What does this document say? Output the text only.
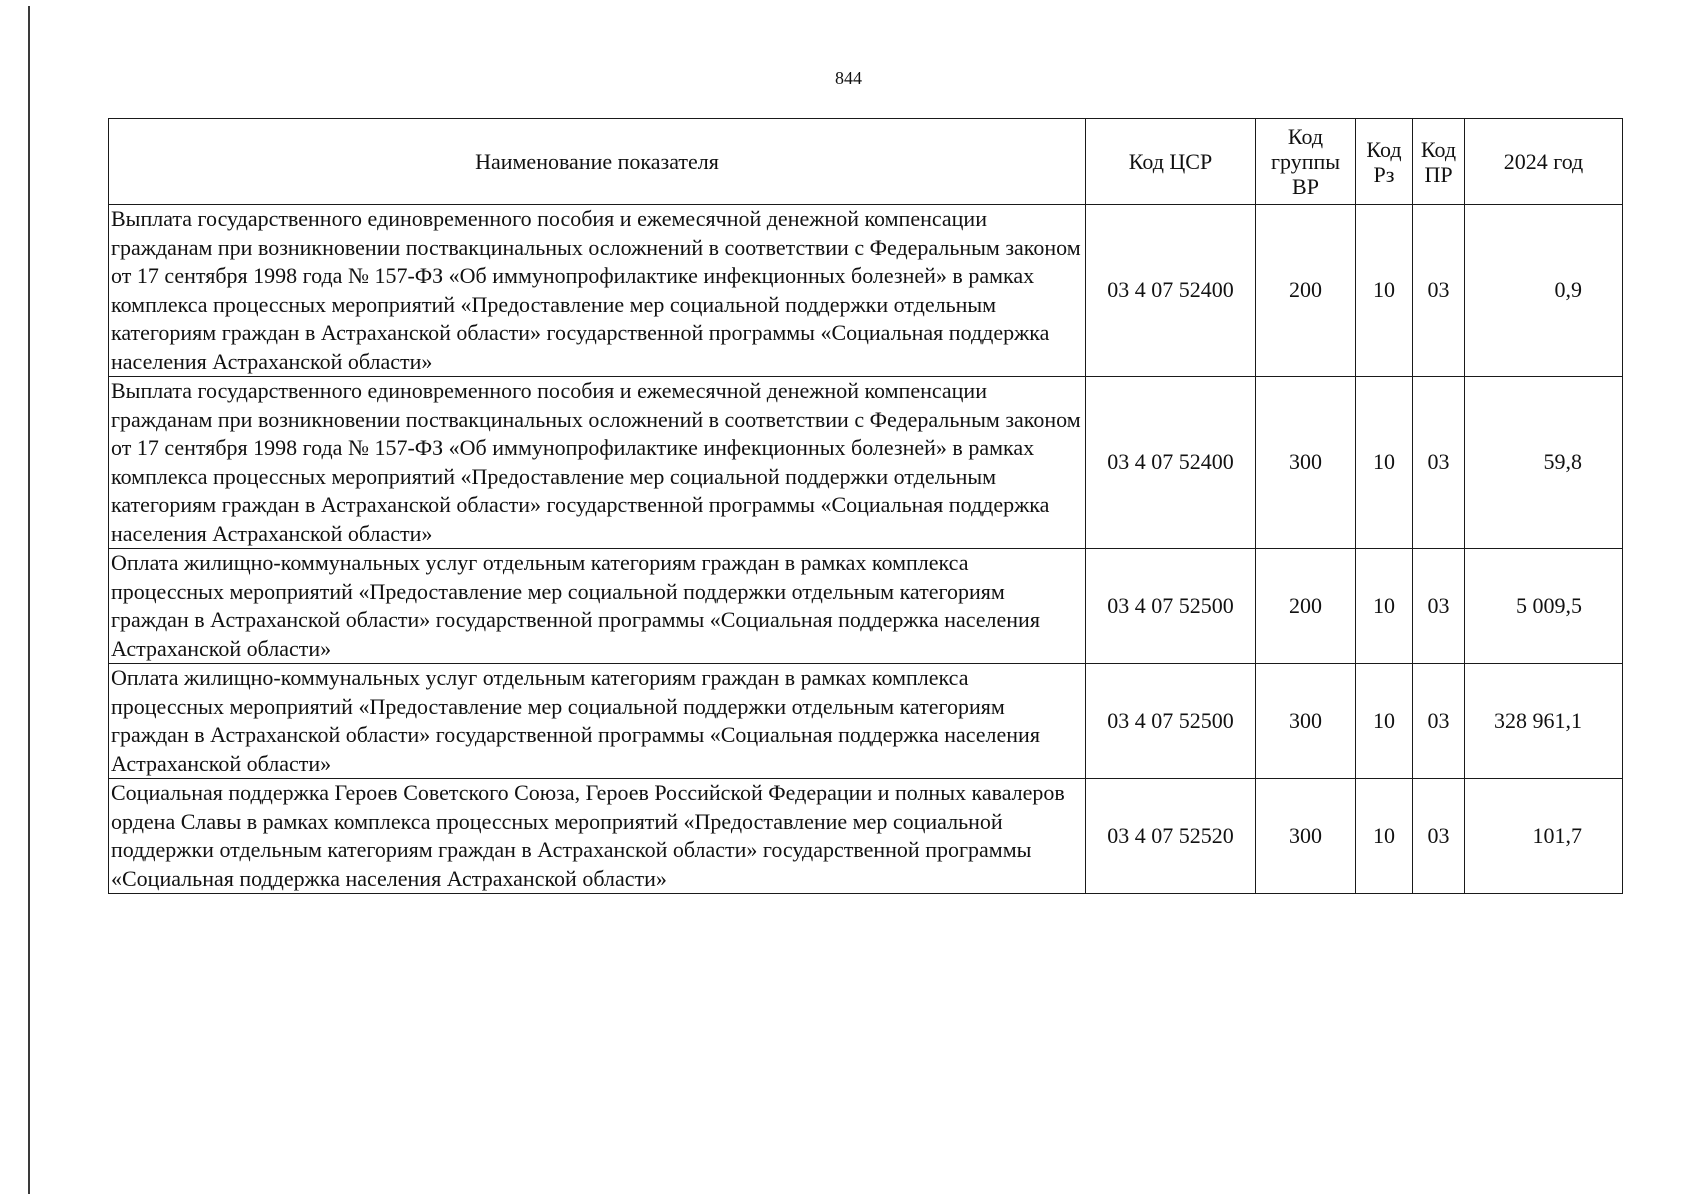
844
Наименование показателя	Код ЦСР	Код группы ВР	Код Рз	Код ПР	2024 год
Выплата государственного единовременного пособия и ежемесячной денежной компенсации гражданам при возникновении поствакцинальных осложнений в соответствии с Федеральным законом от 17 сентября 1998 года № 157-ФЗ «Об иммунопрофилактике инфекционных болезней» в рамках комплекса процессных мероприятий «Предоставление мер социальной поддержки отдельным категориям граждан в Астраханской области» государственной программы «Социальная поддержка населения Астраханской области»	03 4 07 52400	200	10	03	0,9
Выплата государственного единовременного пособия и ежемесячной денежной компенсации гражданам при возникновении поствакцинальных осложнений в соответствии с Федеральным законом от 17 сентября 1998 года № 157-ФЗ «Об иммунопрофилактике инфекционных болезней» в рамках комплекса процессных мероприятий «Предоставление мер социальной поддержки отдельным категориям граждан в Астраханской области» государственной программы «Социальная поддержка населения Астраханской области»	03 4 07 52400	300	10	03	59,8
Оплата жилищно-коммунальных услуг отдельным категориям граждан в рамках комплекса процессных мероприятий «Предоставление мер социальной поддержки отдельным категориям граждан в Астраханской области» государственной программы «Социальная поддержка населения Астраханской области»	03 4 07 52500	200	10	03	5 009,5
Оплата жилищно-коммунальных услуг отдельным категориям граждан в рамках комплекса процессных мероприятий «Предоставление мер социальной поддержки отдельным категориям граждан в Астраханской области» государственной программы «Социальная поддержка населения Астраханской области»	03 4 07 52500	300	10	03	328 961,1
Социальная поддержка Героев Советского Союза, Героев Российской Федерации и полных кавалеров ордена Славы в рамках комплекса процессных мероприятий «Предоставление мер социальной поддержки отдельным категориям граждан в Астраханской области» государственной программы «Социальная поддержка населения Астраханской области»	03 4 07 52520	300	10	03	101,7
